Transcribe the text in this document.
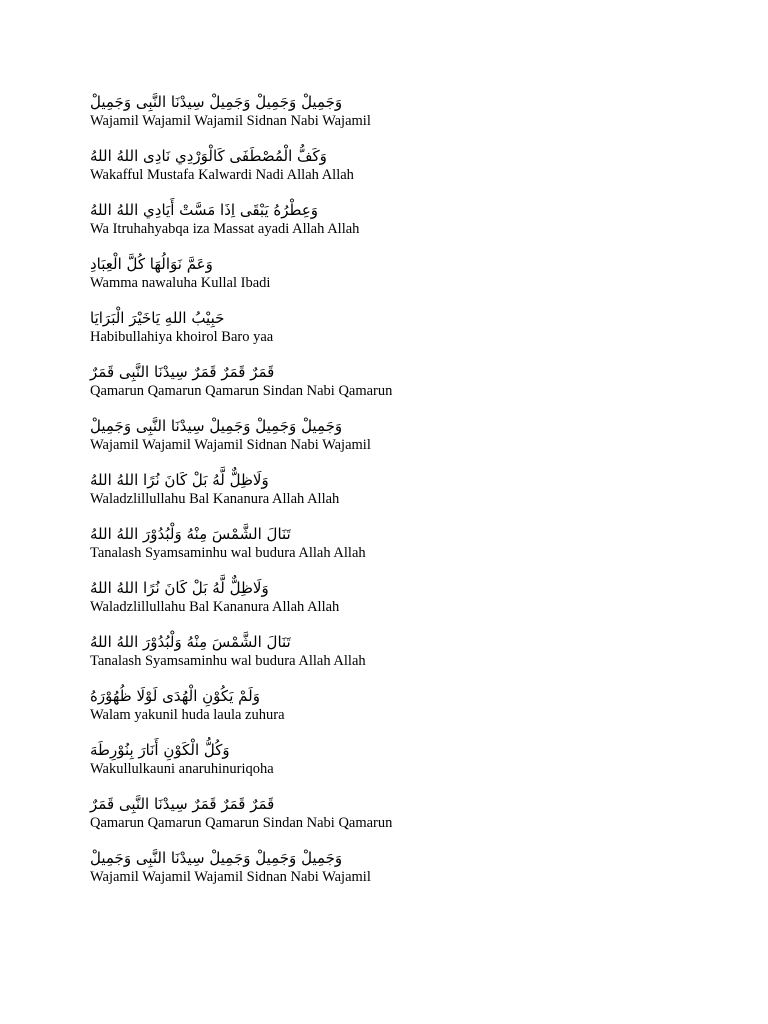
وَجَمِيلْ وَجَمِيلْ وَجَمِيلْ سِيدْنَا النَّبِى وَجَمِيلْ
Wajamil Wajamil Wajamil Sidnan Nabi Wajamil
وَكَفُّ الْمُصْطَفَى كَالْوَرْدِي نَادِى اللهُ اللهُ
Wakafful Mustafa Kalwardi Nadi Allah Allah
وَعِطْرُهُ يَبْقَى اِذَا مَسَّتْ أَيَادِي اللهُ اللهُ
Wa Itruhahyabqa iza Massat ayadi Allah Allah
وَعَمَّ نَوَالُهَا كُلَّ الْعِبَادِ
Wamma nawaluha Kullal Ibadi
حَبِيْبُ اللهِ يَاخَيْرَ الْبَرَايَا
Habibullahiya khoirol Baro yaa
قَمَرٌ قَمَرٌ قَمَرٌ سِيدْنَا النَّبِى قَمَرٌ
Qamarun Qamarun Qamarun Sindan Nabi Qamarun
وَجَمِيلْ وَجَمِيلْ وَجَمِيلْ سِيدْنَا النَّبِى وَجَمِيلْ
Wajamil Wajamil Wajamil Sidnan Nabi Wajamil
وَلَاظِلٌّ لَّهُ بَلْ كَانَ نُرًا اللهُ اللهُ
Waladzlillullahu Bal Kananura Allah Allah
تَنَالَ الشَّمْسَ مِنْهُ وَلْبُدُوْرَ اللهُ اللهُ
Tanalash Syamsaminhu wal budura Allah Allah
وَلَاظِلٌّ لَّهُ بَلْ كَانَ نُرًا اللهُ اللهُ
Waladzlillullahu Bal Kananura Allah Allah
تَنَالَ الشَّمْسَ مِنْهُ وَلْبُدُوْرَ اللهُ اللهُ
Tanalash Syamsaminhu wal budura Allah Allah
وَلَمْ يَكُوْنِ الْهُدَى لَوْلَا ظُهُوْرَهُ
Walam yakunil huda laula zuhura
وَكُلُّ الْكَوْنِ أَنَارَ بِنُوْرِطَهَ
Wakullulkauni anaruhinuriqoha
قَمَرٌ قَمَرٌ قَمَرٌ سِيدْنَا النَّبِى قَمَرٌ
Qamarun Qamarun Qamarun Sindan Nabi Qamarun
وَجَمِيلْ وَجَمِيلْ وَجَمِيلْ سِيدْنَا النَّبِى وَجَمِيلْ
Wajamil Wajamil Wajamil Sidnan Nabi Wajamil
